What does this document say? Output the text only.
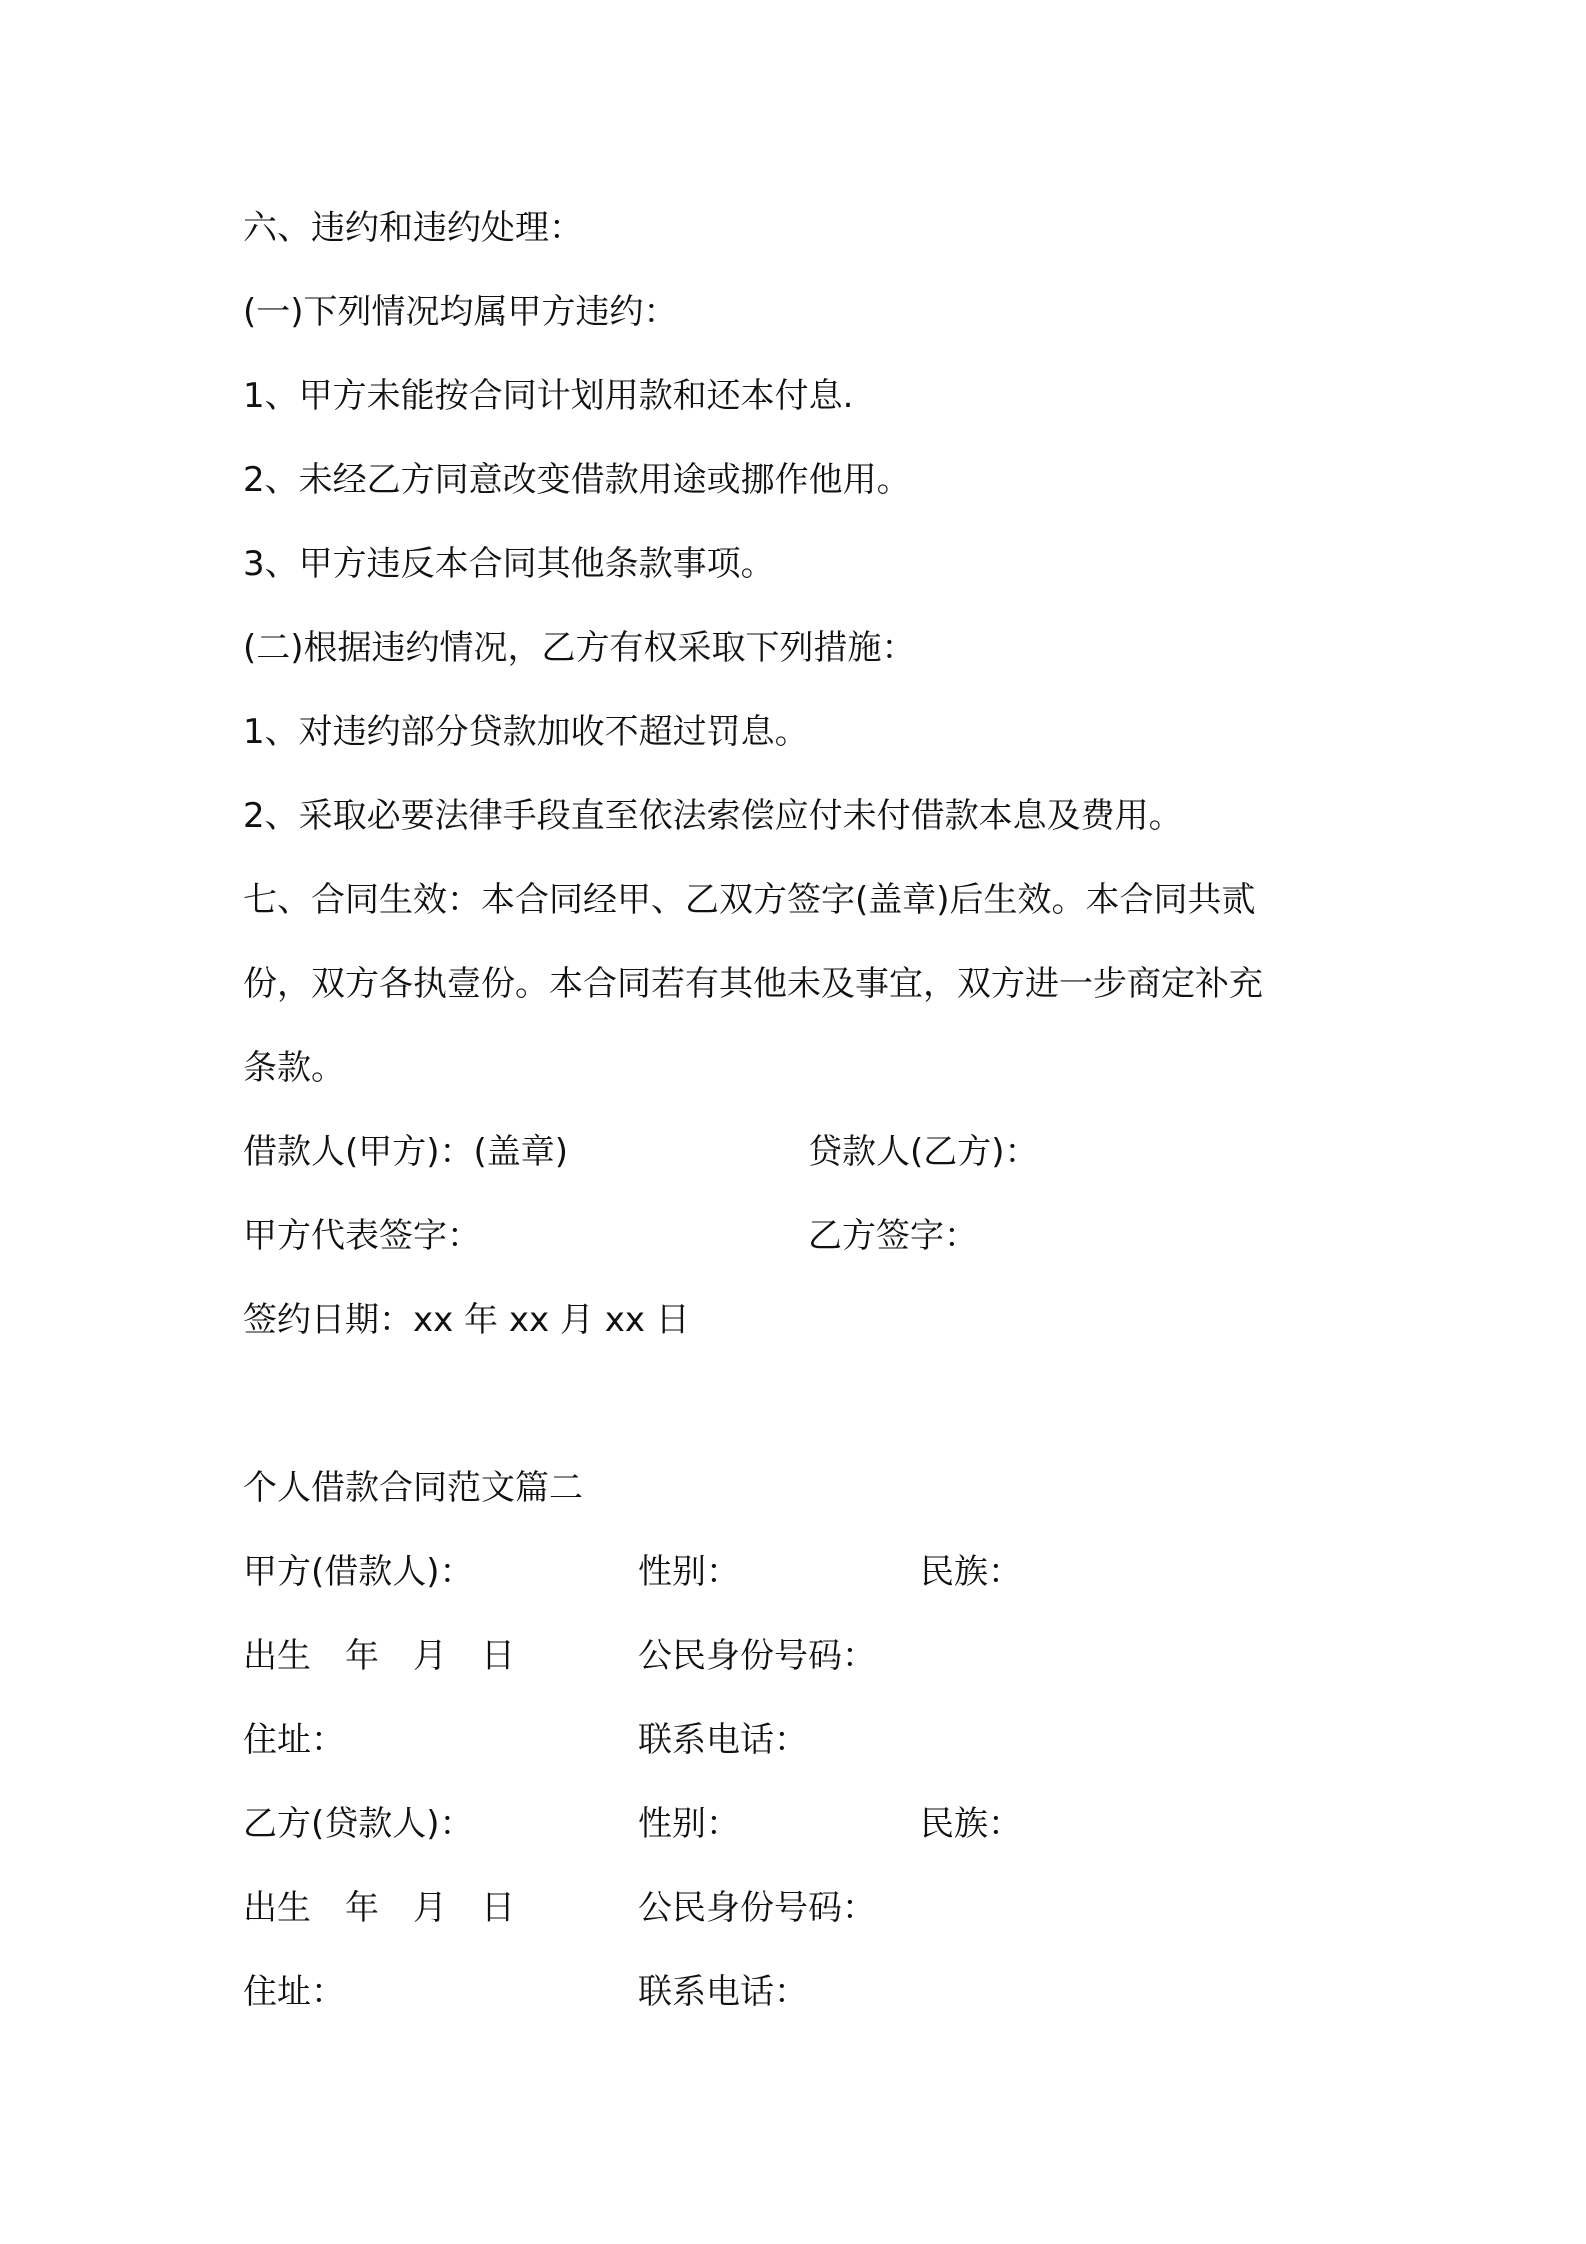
六、违约和违约处理：
(一)下列情况均属甲方违约：
1、甲方未能按合同计划用款和还本付息.
2、未经乙方同意改变借款用途或挪作他用。
3、甲方违反本合同其他条款事项。
(二)根据违约情况，乙方有权采取下列措施：
1、对违约部分贷款加收不超过罚息。
2、采取必要法律手段直至依法索偿应付未付借款本息及费用。
七、合同生效：本合同经甲、乙双方签字(盖章)后生效。本合同共贰
份，双方各执壹份。本合同若有其他未及事宜，双方进一步商定补充
条款。
借款人(甲方)：(盖章)	贷款人(乙方)：
甲方代表签字：	乙方签字：
签约日期：xx 年 xx 月 xx 日
个人借款合同范文篇二
甲方(借款人)：	性别：	民族：
出生　年　月　日	公民身份号码：
住址：	联系电话：
乙方(贷款人)：	性别：	民族：
出生　年　月　日	公民身份号码：
住址：	联系电话：
